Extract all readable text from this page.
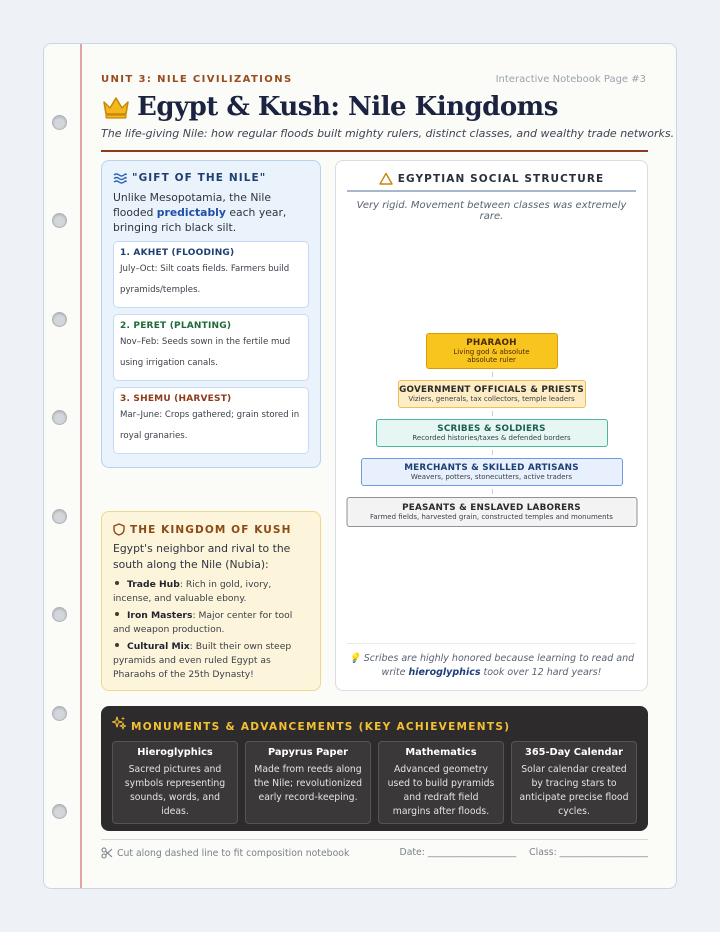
UNIT 3: NILE CIVILIZATIONS	Interactive Notebook Page #3
Egypt & Kush: Nile Kingdoms
The life-giving Nile: how regular floods built mighty rulers, distinct classes, and wealthy trade networks.
"GIFT OF THE NILE"

Unlike Mesopotamia, the Nile flooded predictably each year, bringing rich black silt.

1. AKHET (FLOODING)
July–Oct: Silt coats fields. Farmers build pyramids/temples.
2. PERET (PLANTING)
Nov–Feb: Seeds sown in the fertile mud using irrigation canals.
3. SHEMU (HARVEST)
Mar–June: Crops gathered; grain stored in royal granaries.
THE KINGDOM OF KUSH

Egypt's neighbor and rival to the south along the Nile (Nubia):

Trade Hub: Rich in gold, ivory, incense, and valuable ebony.
Iron Masters: Major center for tool and weapon production.
Cultural Mix: Built their own steep pyramids and even ruled Egypt as Pharaohs of the 25th Dynasty!
EGYPTIAN SOCIAL STRUCTURE
Very rigid. Movement between classes was extremely rare.
PHARAOH
Living god & absolute absolute ruler
GOVERNMENT OFFICIALS & PRIESTS
Viziers, generals, tax collectors, temple leaders
SCRIBES & SOLDIERS
Recorded histories/taxes & defended borders
MERCHANTS & SKILLED ARTISANS
Weavers, potters, stonecutters, active traders
PEASANTS & ENSLAVED LABORERS
Farmed fields, harvested grain, constructed temples and monuments
💡 Scribes are highly honored because learning to read and write hieroglyphics took over 12 hard years!
MONUMENTS & ADVANCEMENTS (KEY ACHIEVEMENTS)
Hieroglyphics
Sacred pictures and symbols representing sounds, words, and ideas.
Papyrus Paper
Made from reeds along the Nile; revolutionized early record-keeping.
Mathematics
Advanced geometry used to build pyramids and redraft field margins after floods.
365-Day Calendar
Solar calendar created by tracing stars to anticipate precise flood cycles.
Cut along dashed line to fit composition notebook	Date: ___________________ Class: ___________________
